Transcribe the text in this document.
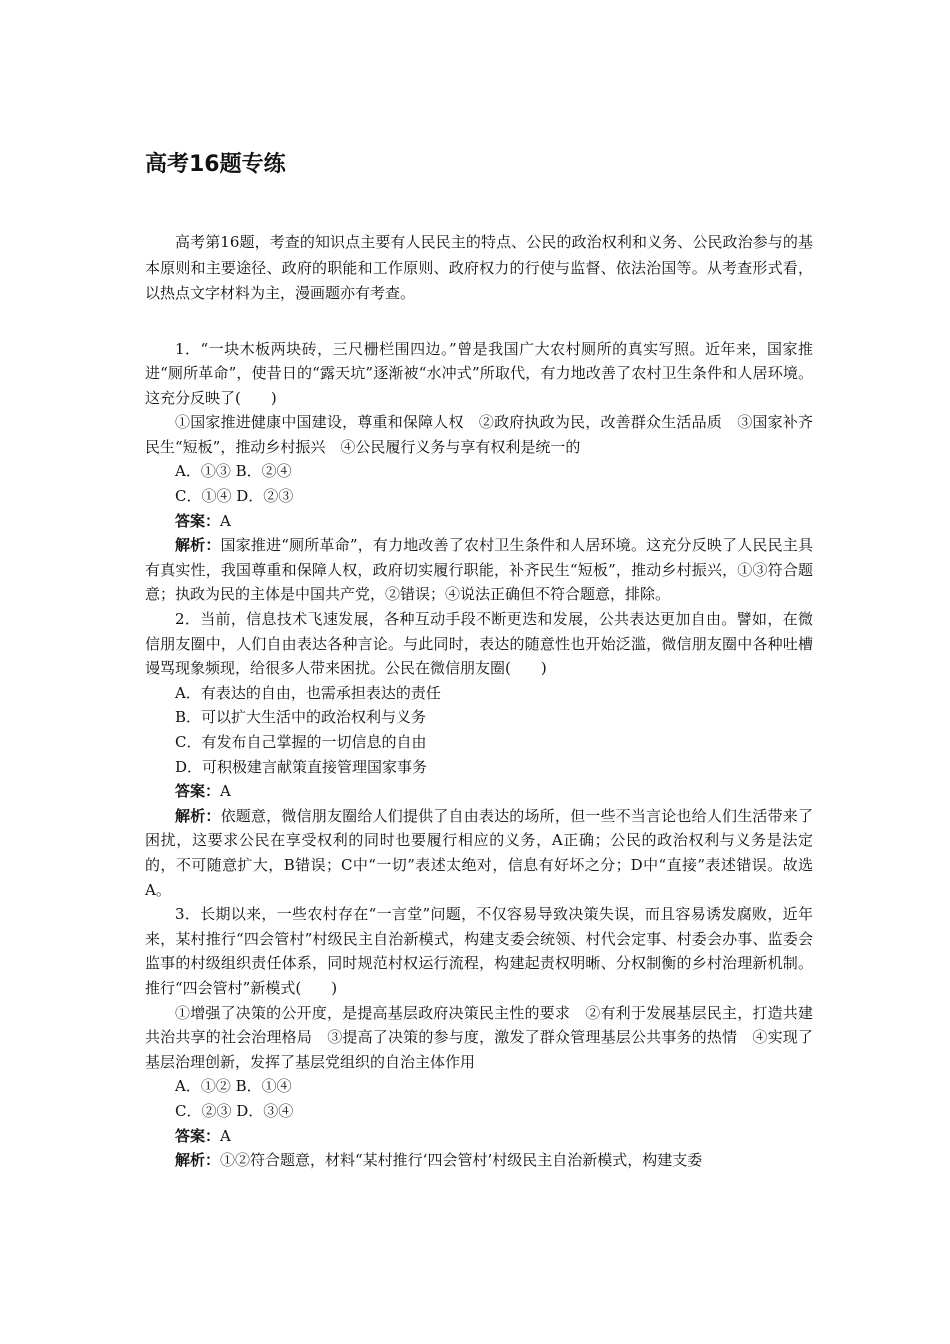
高考16题专练

高考第16题，考查的知识点主要有人民民主的特点、公民的政治权利和义务、公民政治参与的基本原则和主要途径、政府的职能和工作原则、政府权力的行使与监督、依法治国等。从考查形式看，以热点文字材料为主，漫画题亦有考查。

1．“一块木板两块砖，三尺栅栏围四边。”曾是我国广大农村厕所的真实写照。近年来，国家推进“厕所革命”，使昔日的“露天坑”逐渐被“水冲式”所取代，有力地改善了农村卫生条件和人居环境。这充分反映了(　　)

①国家推进健康中国建设，尊重和保障人权　②政府执政为民，改善群众生活品质　③国家补齐民生“短板”，推动乡村振兴　④公民履行义务与享有权利是统一的

A．①③ B．②④

C．①④ D．②③

答案：A

解析：国家推进“厕所革命”，有力地改善了农村卫生条件和人居环境。这充分反映了人民民主具有真实性，我国尊重和保障人权，政府切实履行职能，补齐民生“短板”，推动乡村振兴，①③符合题意；执政为民的主体是中国共产党，②错误；④说法正确但不符合题意，排除。

2．当前，信息技术飞速发展，各种互动手段不断更迭和发展，公共表达更加自由。譬如，在微信朋友圈中，人们自由表达各种言论。与此同时，表达的随意性也开始泛滥，微信朋友圈中各种吐槽谩骂现象频现，给很多人带来困扰。公民在微信朋友圈(　　)

A．有表达的自由，也需承担表达的责任

B．可以扩大生活中的政治权利与义务

C．有发布自己掌握的一切信息的自由

D．可积极建言献策直接管理国家事务

答案：A

解析：依题意，微信朋友圈给人们提供了自由表达的场所，但一些不当言论也给人们生活带来了困扰，这要求公民在享受权利的同时也要履行相应的义务，A正确；公民的政治权利与义务是法定的，不可随意扩大，B错误；C中“一切”表述太绝对，信息有好坏之分；D中“直接”表述错误。故选A。

3．长期以来，一些农村存在“一言堂”问题，不仅容易导致决策失误，而且容易诱发腐败，近年来，某村推行“四会管村”村级民主自治新模式，构建支委会统领、村代会定事、村委会办事、监委会监事的村级组织责任体系，同时规范村权运行流程，构建起责权明晰、分权制衡的乡村治理新机制。推行“四会管村”新模式(　　)

①增强了决策的公开度，是提高基层政府决策民主性的要求　②有利于发展基层民主，打造共建共治共享的社会治理格局　③提高了决策的参与度，激发了群众管理基层公共事务的热情　④实现了基层治理创新，发挥了基层党组织的自治主体作用

A．①② B．①④

C．②③ D．③④

答案：A

解析：①②符合题意，材料“某村推行‘四会管村’村级民主自治新模式，构建支委
